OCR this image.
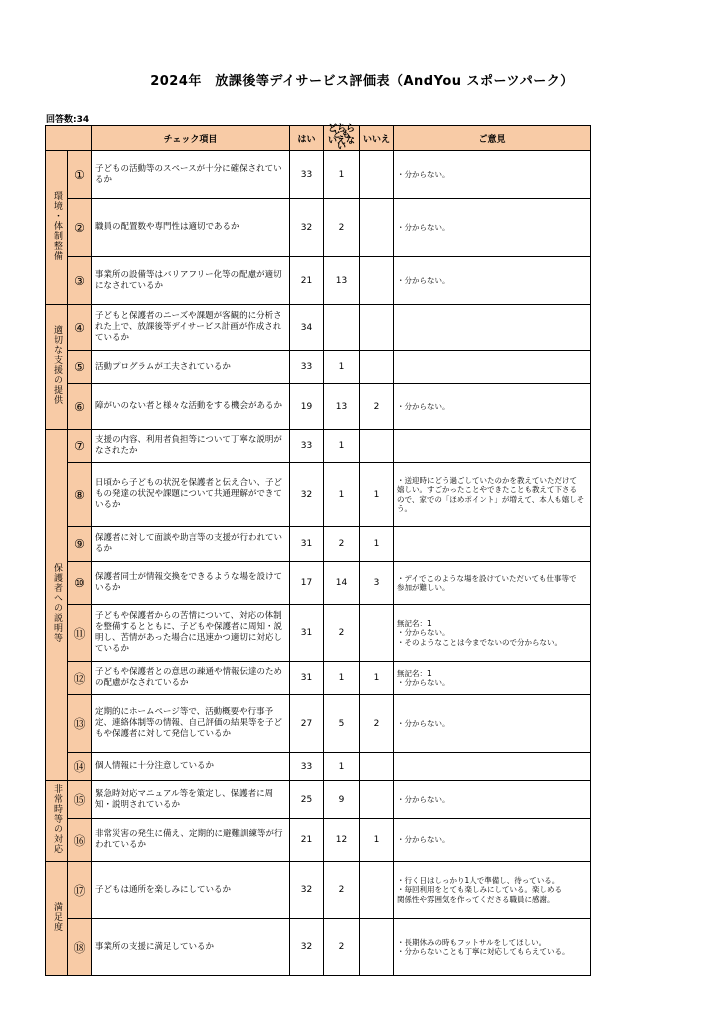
2024年　放課後等デイサービス評価表（AndYou スポーツパーク）
回答数:34
		チェック項目	はい	どちらとも
いえない	いいえ	ご意見
環境・体制整備	①	子どもの活動等のスペースが十分に確保されているか	33	1		・分からない。

	②	職員の配置数や専門性は適切であるか	32	2		・分からない。

	③	事業所の設備等はバリアフリー化等の配慮が適切になされているか	21	13		・分からない。

適切な支援の提供	④	子どもと保護者のニーズや課題が客観的に分析された上で、放課後等デイサービス計画が作成されているか	34			
	⑤	活動プログラムが工夫されているか	33	1		
	⑥	障がいのない者と様々な活動をする機会があるか	19	13	2	・分からない。

保護者への説明等	⑦	支援の内容、利用者負担等について丁寧な説明がなされたか	33	1		
	⑧	日頃から子どもの状況を保護者と伝え合い、子どもの発達の状況や課題について共通理解ができているか	32	1	1	・送迎時にどう過ごしていたのかを教えていただけて
嬉しい。すごかったことやできたことも教えて下さる
ので、家での「ほめポイント」が増えて、本人も嬉しそう。

	⑨	保護者に対して面談や助言等の支援が行われているか	31	2	1	
	⑩	保護者同士が情報交換をできるような場を設けているか	17	14	3	・デイでこのような場を設けていただいても仕事等で
参加が難しい。

	⑪	子どもや保護者からの苦情について、対応の体制を整備するとともに、子どもや保護者に周知・説明し、苦情があった場合に迅速かつ適切に対応しているか	31	2		無記名：1
・分からない。
・そのようなことは今までないので分からない。

	⑫	子どもや保護者との意思の疎通や情報伝達のための配慮がなされているか	31	1	1	無記名：1
・分からない。

	⑬	定期的にホームページ等で、活動概要や行事予定、連絡体制等の情報、自己評価の結果等を子どもや保護者に対して発信しているか	27	5	2	・分からない。

	⑭	個人情報に十分注意しているか	33	1		
非常時等の対応	⑮	緊急時対応マニュアル等を策定し、保護者に周知・説明されているか	25	9		・分からない。

	⑯	非常災害の発生に備え、定期的に避難訓練等が行われているか	21	12	1	・分からない。

満足度	⑰	子どもは通所を楽しみにしているか	32	2		・行く日はしっかり1人で準備し、待っている。
・毎回利用をとても楽しみにしている。楽しめる
関係性や雰囲気を作ってくださる職員に感謝。

	⑱	事業所の支援に満足しているか	32	2		・長期休みの時もフットサルをしてほしい。
・分からないことも丁寧に対応してもらえている。
